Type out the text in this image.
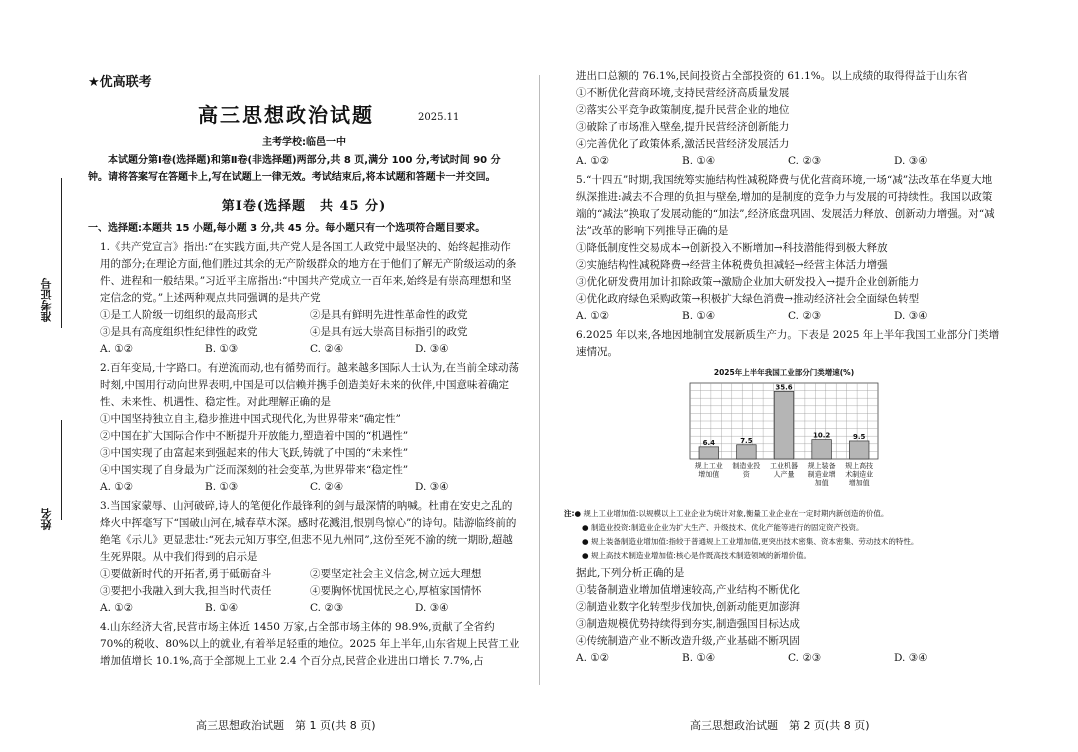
准考证号
姓名
★优高联考
高三思想政治试题	2025.11
主考学校:临邑一中
本试题分第Ⅰ卷(选择题)和第Ⅱ卷(非选择题)两部分,共 8 页,满分 100 分,考试时间 90 分钟。请将答案写在答题卡上,写在试题上一律无效。考试结束后,将本试题和答题卡一并交回。
第Ⅰ卷(选择题　共 45 分)
一、选择题:本题共 15 小题,每小题 3 分,共 45 分。每小题只有一个选项符合题目要求。

1.《共产党宣言》指出:“在实践方面,共产党人是各国工人政党中最坚决的、始终起推动作用的部分;在理论方面,他们胜过其余的无产阶级群众的地方在于他们了解无产阶级运动的条件、进程和一般结果。”习近平主席指出:“中国共产党成立一百年来,始终是有崇高理想和坚定信念的党。”上述两种观点共同强调的是共产党

①是工人阶级一切组织的最高形式	②是具有鲜明先进性革命性的政党
③是具有高度组织性纪律性的政党	④是具有远大崇高目标指引的政党
A. ①②	B. ①③	C. ②④	D. ③④

2.百年变局,十字路口。有逆流而动,也有循势而行。越来越多国际人士认为,在当前全球动荡时刻,中国用行动向世界表明,中国是可以信赖并携手创造美好未来的伙伴,中国意味着确定性、未来性、机遇性、稳定性。对此理解正确的是

①中国坚持独立自主,稳步推进中国式现代化,为世界带来“确定性”
②中国在扩大国际合作中不断提升开放能力,塑造着中国的“机遇性”
③中国实现了由富起来到强起来的伟大飞跃,铸就了中国的“未来性”
④中国实现了自身最为广泛而深刻的社会变革,为世界带来“稳定性”
A. ①②	B. ①③	C. ②④	D. ③④

3.当国家蒙辱、山河破碎,诗人的笔便化作最锋利的剑与最深情的呐喊。杜甫在安史之乱的烽火中挥毫写下“国破山河在,城春草木深。感时花溅泪,恨别鸟惊心”的诗句。陆游临终前的绝笔《示儿》更显悲壮:“死去元知万事空,但悲不见九州同”,这份至死不渝的统一期盼,超越生死界限。从中我们得到的启示是

①要做新时代的开拓者,勇于砥砺奋斗	②要坚定社会主义信念,树立远大理想
③要把小我融入到大我,担当时代责任	④要胸怀忧国忧民之心,厚植家国情怀
A. ①②	B. ①④	C. ②③	D. ③④

4.山东经济大省,民营市场主体近 1450 万家,占全部市场主体的 98.9%,贡献了全省约 70%的税收、80%以上的就业,有着举足轻重的地位。2025 年上半年,山东省规上民营工业增加值增长 10.1%,高于全部规上工业 2.4 个百分点,民营企业进出口增长 7.7%,占

进出口总额的 76.1%,民间投资占全部投资的 61.1%。以上成绩的取得得益于山东省

①不断优化营商环境,支持民营经济高质量发展
②落实公平竞争政策制度,提升民营企业的地位
③破除了市场准入壁垒,提升民营经济创新能力
④完善优化了政策体系,激活民营经济发展活力
A. ①②	B. ①④	C. ②③	D. ③④

5.“十四五”时期,我国统筹实施结构性减税降费与优化营商环境,一场“减”法改革在华夏大地纵深推进:减去不合理的负担与壁垒,增加的是制度的竞争力与发展的可持续性。我国以政策端的“减法”换取了发展动能的“加法”,经济底盘巩固、发展活力释放、创新动力增强。对“减法”改革的影响下列推导正确的是

①降低制度性交易成本→创新投入不断增加→科技潜能得到极大释放
②实施结构性减税降费→经营主体税费负担减轻→经营主体活力增强
③优化研发费用加计扣除政策→激励企业加大研发投入→提升企业创新能力
④优化政府绿色采购政策→积极扩大绿色消费→推动经济社会全面绿色转型
A. ①②	B. ①④	C. ②③	D. ③④

6.2025 年以来,各地因地制宜发展新质生产力。下表是 2025 年上半年我国工业部分门类增速情况。

2025年上半年我国工业部分门类增速(%)
6.4
规上工业增加值
7.5
制造业投资
35.6
工业机器人产量
10.2
规上装备制造业增加值
9.5
规上高技术制造业增加值
注:● 规上工业增加值:以规模以上工业企业为统计对象,衡量工业企业在一定时期内新创造的价值。
● 制造业投资:制造业企业为扩大生产、升级技术、优化产能等进行的固定资产投资。
● 规上装备制造业增加值:指较于普通规上工业增加值,更突出技术密集、资本密集、劳动技术的特性。
● 规上高技术制造业增加值:核心是作既高技术制造领域的新增价值。

据此,下列分析正确的是

①装备制造业增加值增速较高,产业结构不断优化
②制造业数字化转型步伐加快,创新动能更加澎湃
③制造规模优势持续得到夯实,制造强国目标达成
④传统制造产业不断改造升级,产业基础不断巩固
A. ①②	B. ①④	C. ②③	D. ③④
高三思想政治试题　第 1 页(共 8 页)	高三思想政治试题　第 2 页(共 8 页)
